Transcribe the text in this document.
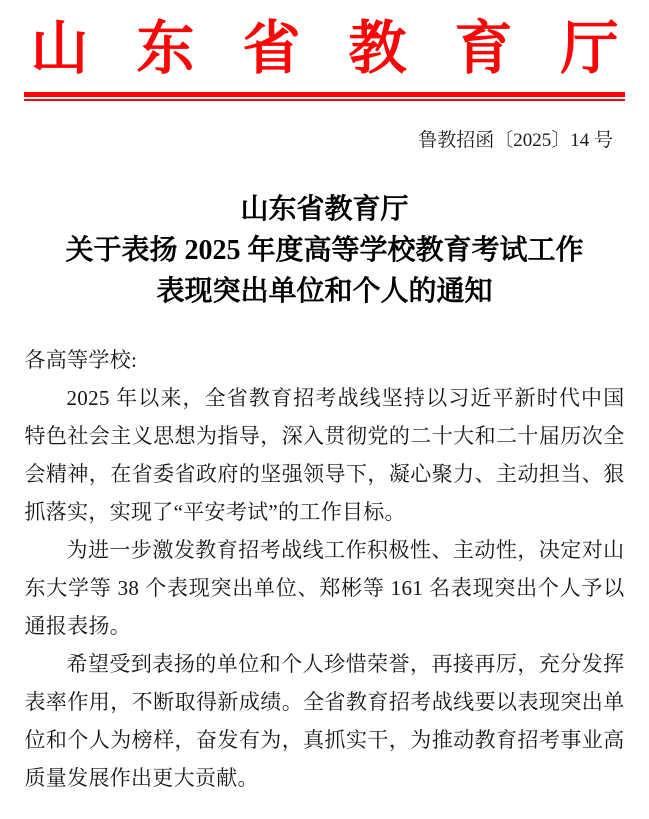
山 东 省 教 育 厅
鲁教招函〔2025〕14 号
山东省教育厅
关于表扬 2025 年度高等学校教育考试工作
表现突出单位和个人的通知
各高等学校:
2025 年以来，全省教育招考战线坚持以习近平新时代中国特色社会主义思想为指导，深入贯彻党的二十大和二十届历次全会精神，在省委省政府的坚强领导下，凝心聚力、主动担当、狠抓落实，实现了“平安考试”的工作目标。
为进一步激发教育招考战线工作积极性、主动性，决定对山东大学等 38 个表现突出单位、郑彬等 161 名表现突出个人予以通报表扬。
希望受到表扬的单位和个人珍惜荣誉，再接再厉，充分发挥表率作用，不断取得新成绩。全省教育招考战线要以表现突出单位和个人为榜样，奋发有为，真抓实干，为推动教育招考事业高质量发展作出更大贡献。
